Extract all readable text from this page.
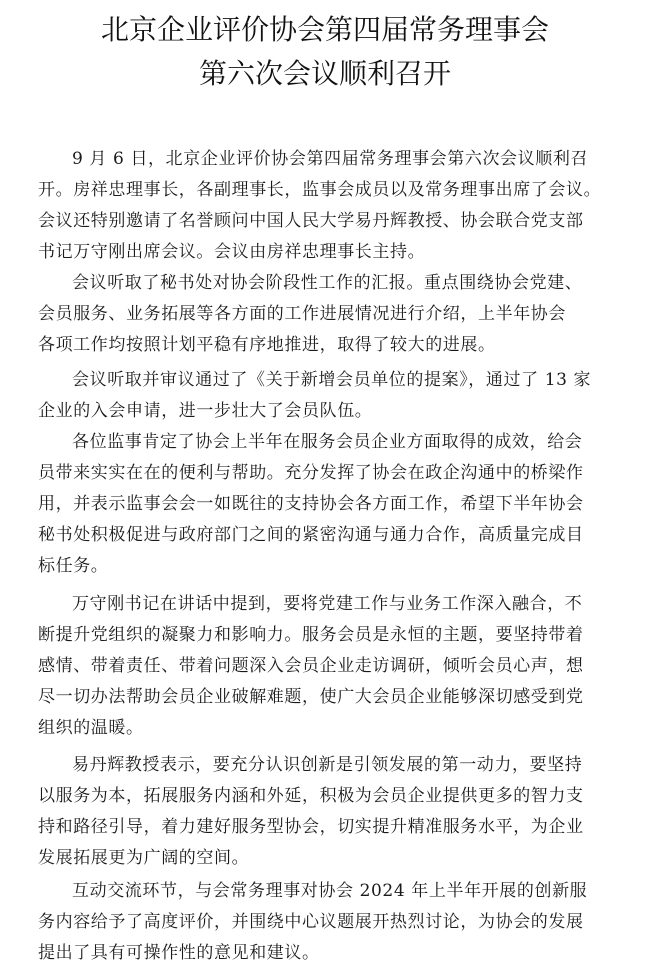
北京企业评价协会第四届常务理事会
第六次会议顺利召开

9 月 6 日，北京企业评价协会第四届常务理事会第六次会议顺利召
开。房祥忠理事长，各副理事长，监事会成员以及常务理事出席了会议。
会议还特别邀请了名誉顾问中国人民大学易丹辉教授、协会联合党支部
书记万守刚出席会议。会议由房祥忠理事长主持。

会议听取了秘书处对协会阶段性工作的汇报。重点围绕协会党建、
会员服务、业务拓展等各方面的工作进展情况进行介绍，上半年协会
各项工作均按照计划平稳有序地推进，取得了较大的进展。

会议听取并审议通过了《关于新增会员单位的提案》，通过了 13 家
企业的入会申请，进一步壮大了会员队伍。

各位监事肯定了协会上半年在服务会员企业方面取得的成效，给会
员带来实实在在的便利与帮助。充分发挥了协会在政企沟通中的桥梁作
用，并表示监事会会一如既往的支持协会各方面工作，希望下半年协会
秘书处积极促进与政府部门之间的紧密沟通与通力合作，高质量完成目
标任务。

万守刚书记在讲话中提到，要将党建工作与业务工作深入融合，不
断提升党组织的凝聚力和影响力。服务会员是永恒的主题，要坚持带着
感情、带着责任、带着问题深入会员企业走访调研，倾听会员心声，想
尽一切办法帮助会员企业破解难题，使广大会员企业能够深切感受到党
组织的温暖。

易丹辉教授表示，要充分认识创新是引领发展的第一动力，要坚持
以服务为本，拓展服务内涵和外延，积极为会员企业提供更多的智力支
持和路径引导，着力建好服务型协会，切实提升精准服务水平，为企业
发展拓展更为广阔的空间。

互动交流环节，与会常务理事对协会 2024 年上半年开展的创新服
务内容给予了高度评价，并围绕中心议题展开热烈讨论，为协会的发展
提出了具有可操作性的意见和建议。
